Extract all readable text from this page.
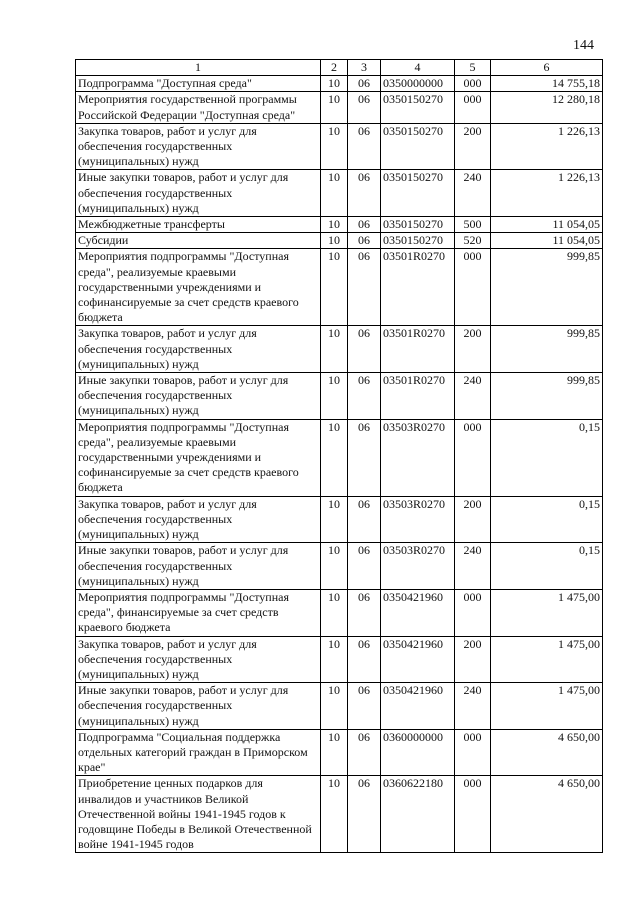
144
1	2	3	4	5	6
Подпрограмма "Доступная среда"	10	06	0350000000	000	14 755,18
Мероприятия государственной программы Российской Федерации "Доступная среда"	10	06	0350150270	000	12 280,18
Закупка товаров, работ и услуг для обеспечения государственных (муниципальных) нужд	10	06	0350150270	200	1 226,13
Иные закупки товаров, работ и услуг для обеспечения государственных (муниципальных) нужд	10	06	0350150270	240	1 226,13
Межбюджетные трансферты	10	06	0350150270	500	11 054,05
Субсидии	10	06	0350150270	520	11 054,05
Мероприятия подпрограммы "Доступная среда", реализуемые краевыми государственными учреждениями и софинансируемые за счет средств краевого бюджета	10	06	03501R0270	000	999,85
Закупка товаров, работ и услуг для обеспечения государственных (муниципальных) нужд	10	06	03501R0270	200	999,85
Иные закупки товаров, работ и услуг для обеспечения государственных (муниципальных) нужд	10	06	03501R0270	240	999,85
Мероприятия подпрограммы "Доступная среда", реализуемые краевыми государственными учреждениями и софинансируемые за счет средств краевого бюджета	10	06	03503R0270	000	0,15
Закупка товаров, работ и услуг для обеспечения государственных (муниципальных) нужд	10	06	03503R0270	200	0,15
Иные закупки товаров, работ и услуг для обеспечения государственных (муниципальных) нужд	10	06	03503R0270	240	0,15
Мероприятия подпрограммы "Доступная среда", финансируемые за счет средств краевого бюджета	10	06	0350421960	000	1 475,00
Закупка товаров, работ и услуг для обеспечения государственных (муниципальных) нужд	10	06	0350421960	200	1 475,00
Иные закупки товаров, работ и услуг для обеспечения государственных (муниципальных) нужд	10	06	0350421960	240	1 475,00
Подпрограмма "Социальная поддержка отдельных категорий граждан в Приморском крае"	10	06	0360000000	000	4 650,00
Приобретение ценных подарков для инвалидов и участников Великой Отечественной войны 1941-1945 годов к годовщине Победы в Великой Отечественной войне 1941-1945 годов	10	06	0360622180	000	4 650,00
